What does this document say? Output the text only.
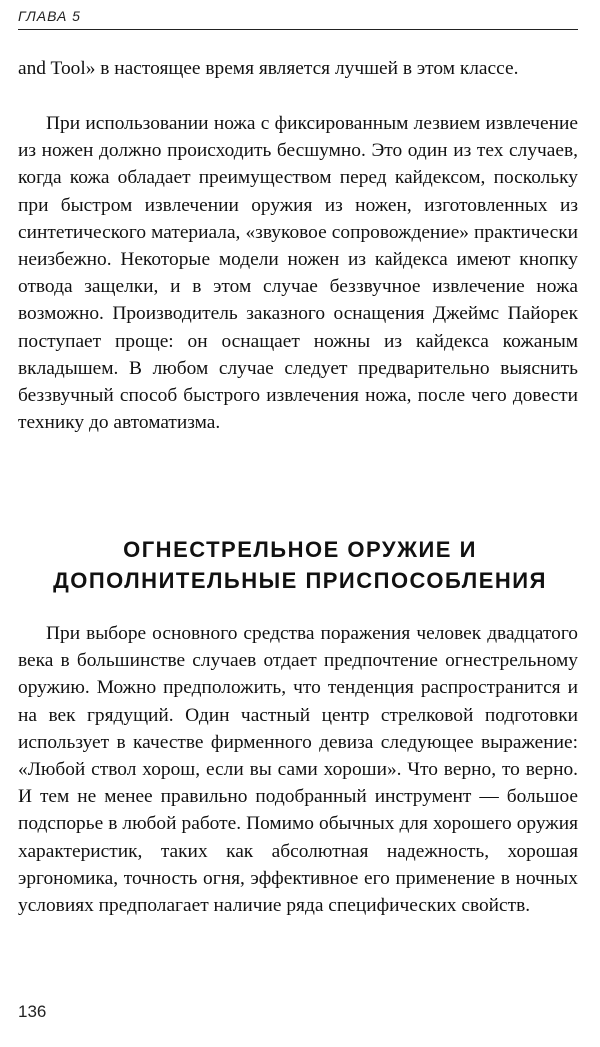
ГЛАВА 5

and Tool» в настоящее время является лучшей в этом классе.

При использовании ножа с фиксированным лезвием извлечение из ножен должно происходить бесшумно. Это один из тех случаев, когда кожа обладает преимуществом перед кайдексом, поскольку при быстром извлечении оружия из ножен, изготовленных из синтетического материала, «звуковое сопровождение» практически неизбежно. Некоторые модели ножен из кайдекса имеют кнопку отвода защелки, и в этом случае беззвучное извлечение ножа возможно. Производитель заказного оснащения Джеймс Пайорек поступает проще: он оснащает ножны из кайдекса кожаным вкладышем. В любом случае следует предварительно выяснить беззвучный способ быстрого извлечения ножа, после чего довести технику до автоматизма.

ОГНЕСТРЕЛЬНОЕ ОРУЖИЕ И
ДОПОЛНИТЕЛЬНЫЕ ПРИСПОСОБЛЕНИЯ

При выборе основного средства поражения человек двадцатого века в большинстве случаев отдает предпочтение огнестрельному оружию. Можно предположить, что тенденция распространится и на век грядущий. Один частный центр стрелковой подготовки использует в качестве фирменного девиза следующее выражение: «Любой ствол хорош, если вы сами хороши». Что верно, то верно. И тем не менее правильно подобранный инструмент — большое подспорье в любой работе. Помимо обычных для хорошего оружия характеристик, таких как абсолютная надежность, хорошая эргономика, точность огня, эффективное его применение в ночных условиях предполагает наличие ряда специфических свойств.

136
